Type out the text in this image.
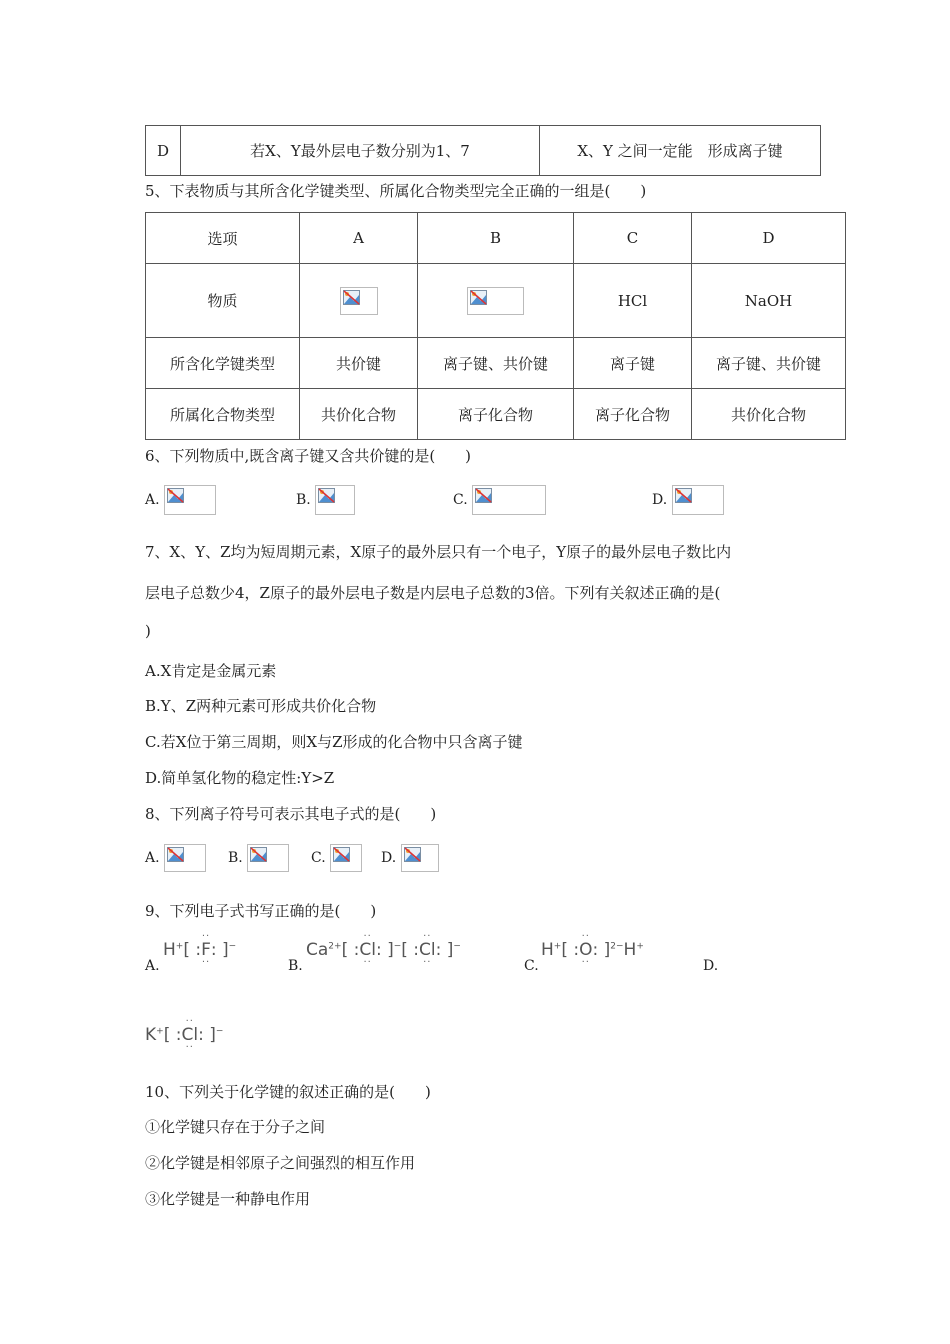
D	若X、Y最外层电子数分别为1、7	X、Y 之间一定能　形成离子键
5、下表物质与其所含化学键类型、所属化合物类型完全正确的一组是(　　)
选项	A	B	C	D
物质			HCl	NaOH
所含化学键类型	共价键	离子键、共价键	离子键	离子键、共价键
所属化合物类型	共价化合物	离子化合物	离子化合物	共价化合物
6、下列物质中,既含离子键又含共价键的是(　　)
A.	B.	C.	D.
7、X、Y、Z均为短周期元素，X原子的最外层只有一个电子，Y原子的最外层电子数比内
层电子总数少4，Z原子的最外层电子数是内层电子总数的3倍。下列有关叙述正确的是(
)
A.X肯定是金属元素
B.Y、Z两种元素可形成共价化合物
C.若X位于第三周期，则X与Z形成的化合物中只含离子键
D.简单氢化物的稳定性:Y>Z
8、下列离子符号可表示其电子式的是(　　)
A.	B.	C.	D.
9、下列电子式书写正确的是(　　)
A.
H+[ :
··
F
··
: ]−
B.
$Ca^{2+}$[ :
··
Cl
··
: ]−[ :
··
Cl
··
: ]−
C.
H+[ :
··
O
··
: ]$^{2-}$H+
D.
K+[ :
··
Cl
··
: ]−
10、下列关于化学键的叙述正确的是(　　)
①化学键只存在于分子之间
②化学键是相邻原子之间强烈的相互作用
③化学键是一种静电作用
